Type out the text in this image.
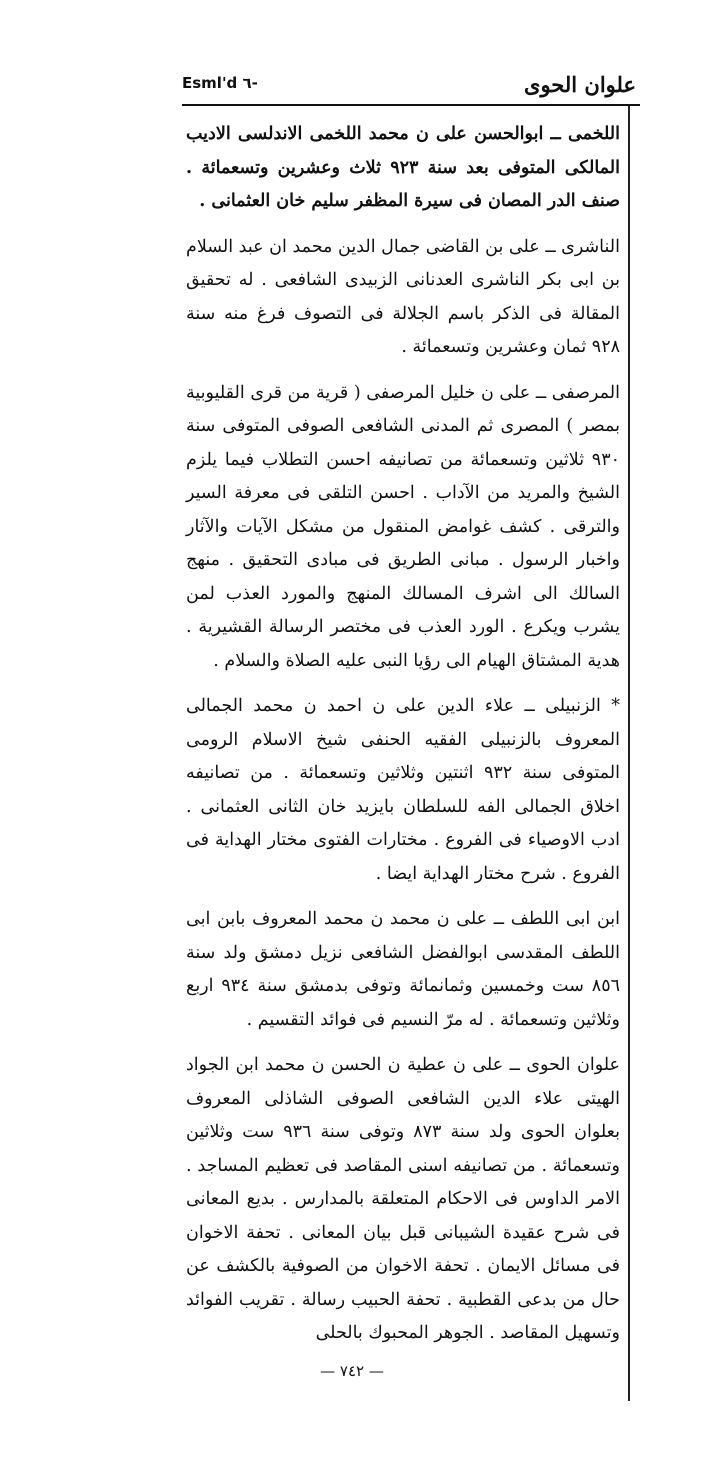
علوان الحوى
Esml'd ٦-

اللخمى ــ ابوالحسن على ن محمد اللخمى الاندلسى الاديب المالكى المتوفى بعد سنة ٩٢٣ ثلاث وعشرين وتسعمائة . صنف الدر المصان فى سيرة المظفر سليم خان العثمانى .

الناشرى ــ على بن القاضى جمال الدين محمد ان عبد السلام بن ابى بكر الناشرى العدنانى الزبيدى الشافعى . له تحقيق المقالة فى الذكر باسم الجلالة فى التصوف فرغ منه سنة ٩٢٨ ثمان وعشرين وتسعمائة .

المرصفى ــ على ن خليل المرصفى ( قرية من قرى القليوبية بمصر ) المصرى ثم المدنى الشافعى الصوفى المتوفى سنة ٩٣٠ ثلاثين وتسعمائة من تصانيفه احسن التطلاب فيما يلزم الشيخ والمريد من الآداب . احسن التلقى فى معرفة السير والترقى . كشف غوامض المنقول من مشكل الآيات والآثار واخبار الرسول . مبانى الطريق فى مبادى التحقيق . منهج السالك الى اشرف المسالك المنهج والمورد العذب لمن يشرب ويكرع . الورد العذب فى مختصر الرسالة القشيرية . هدية المشتاق الهيام الى رؤيا النبى عليه الصلاة والسلام .

* الزنبيلى ــ علاء الدين على ن احمد ن محمد الجمالى المعروف بالزنبيلى الفقيه الحنفى شيخ الاسلام الرومى المتوفى سنة ٩٣٢ اثنتين وثلاثين وتسعمائة . من تصانيفه اخلاق الجمالى الفه للسلطان بايزيد خان الثانى العثمانى . ادب الاوصياء فى الفروع . مختارات الفتوى مختار الهداية فى الفروع . شرح مختار الهداية ايضا .

ابن ابى اللطف ــ على ن محمد ن محمد المعروف بابن ابى اللطف المقدسى ابوالفضل الشافعى نزيل دمشق ولد سنة ٨٥٦ ست وخمسين وثمانمائة وتوفى بدمشق سنة ٩٣٤ اربع وثلاثين وتسعمائة . له مرّ النسيم فى فوائد التقسيم .

علوان الحوى ــ على ن عطية ن الحسن ن محمد ابن الجواد الهيتى علاء الدين الشافعى الصوفى الشاذلى المعروف بعلوان الحوى ولد سنة ٨٧٣ وتوفى سنة ٩٣٦ ست وثلاثين وتسعمائة . من تصانيفه اسنى المقاصد فى تعظيم المساجد . الامر الداوس فى الاحكام المتعلقة بالمدارس . بديع المعانى فى شرح عقيدة الشيبانى قبل بيان المعانى . تحفة الاخوان فى مسائل الايمان . تحفة الاخوان من الصوفية بالكشف عن حال من بدعى القطبية . تحفة الحبيب رسالة . تقريب الفوائد وتسهيل المقاصد . الجوهر المحبوك بالحلى

— ٧٤٢ —
